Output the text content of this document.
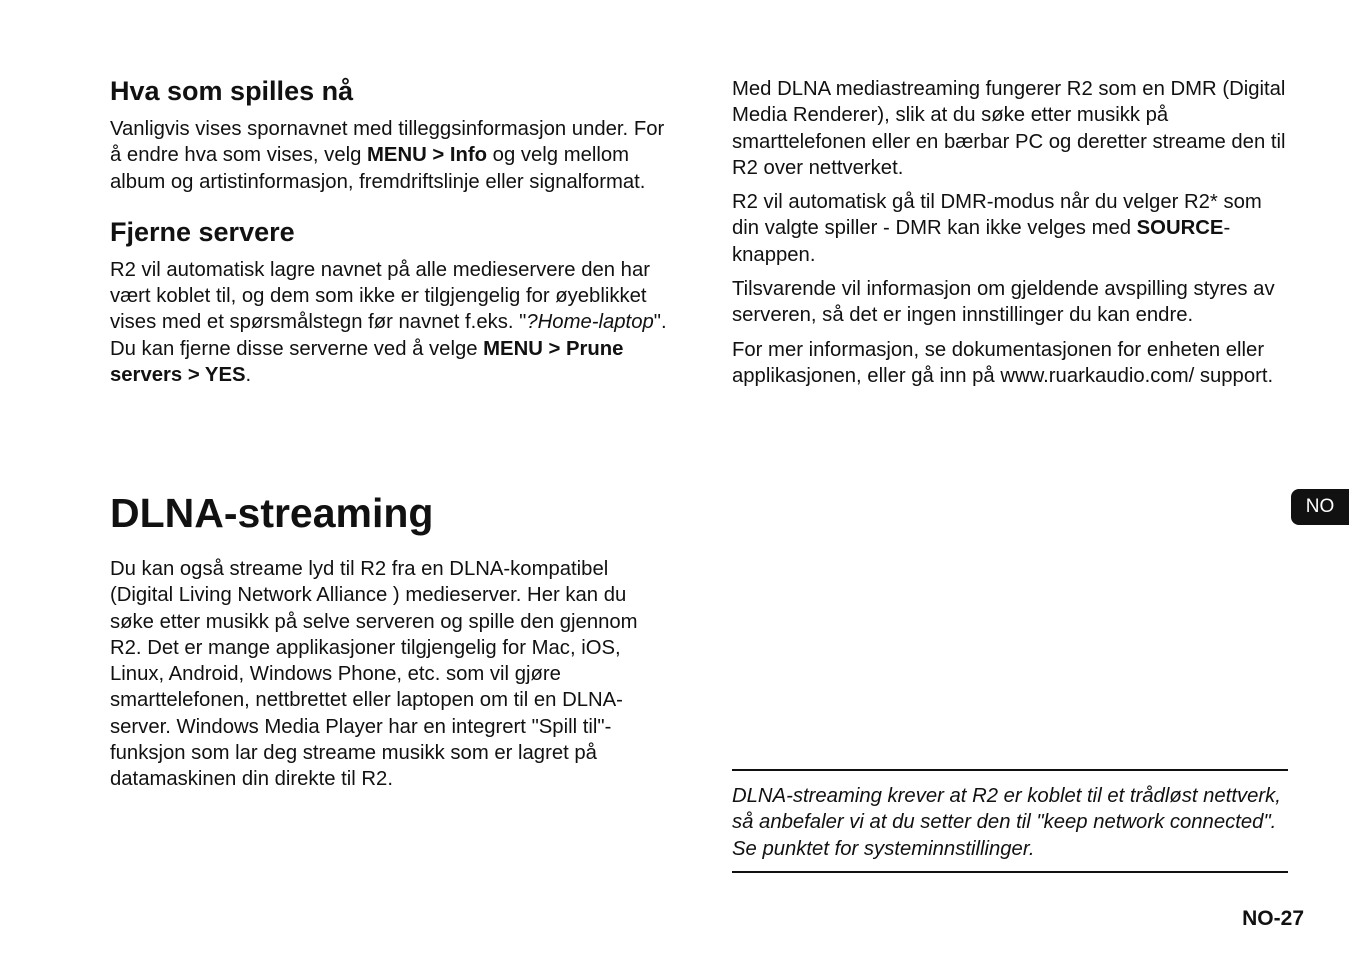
Hva som spilles nå

Vanligvis vises spornavnet med tilleggsinformasjon under. For å endre hva som vises, velg MENU > Info og velg mellom album og artistinformasjon, fremdriftslinje eller signalformat.

Fjerne servere

R2 vil automatisk lagre navnet på alle medieservere den har vært koblet til, og dem som ikke er tilgjengelig for øyeblikket vises med et spørsmålstegn før navnet f.eks. "?Home-laptop". Du kan fjerne disse serverne ved å velge MENU > Prune servers > YES.

DLNA-streaming

Du kan også streame lyd til R2 fra en DLNA-kompatibel (Digital Living Network Alliance ) medieserver. Her kan du søke etter musikk på selve serveren og spille den gjennom R2. Det er mange applikasjoner tilgjengelig for Mac, iOS, Linux, Android, Windows Phone, etc. som vil gjøre smarttelefonen, nettbrettet eller laptopen om til en DLNA-server. Windows Media Player har en integrert "Spill til"-funksjon som lar deg streame musikk som er lagret på datamaskinen din direkte til R2.

Med DLNA mediastreaming fungerer R2 som en DMR (Digital Media Renderer), slik at du søke etter musikk på smarttelefonen eller en bærbar PC og deretter streame den til R2 over nettverket.

R2 vil automatisk gå til DMR-modus når du velger R2* som din valgte spiller - DMR kan ikke velges med SOURCE-knappen.

Tilsvarende vil informasjon om gjeldende avspilling styres av serveren, så det er ingen innstillinger du kan endre.

For mer informasjon, se dokumentasjonen for enheten eller applikasjonen, eller gå inn på www.ruarkaudio.com/ support.

DLNA-streaming krever at R2 er koblet til et trådløst nettverk, så anbefaler vi at du setter den til "keep network connected". Se punktet for systeminnstillinger.

NO
NO-27
